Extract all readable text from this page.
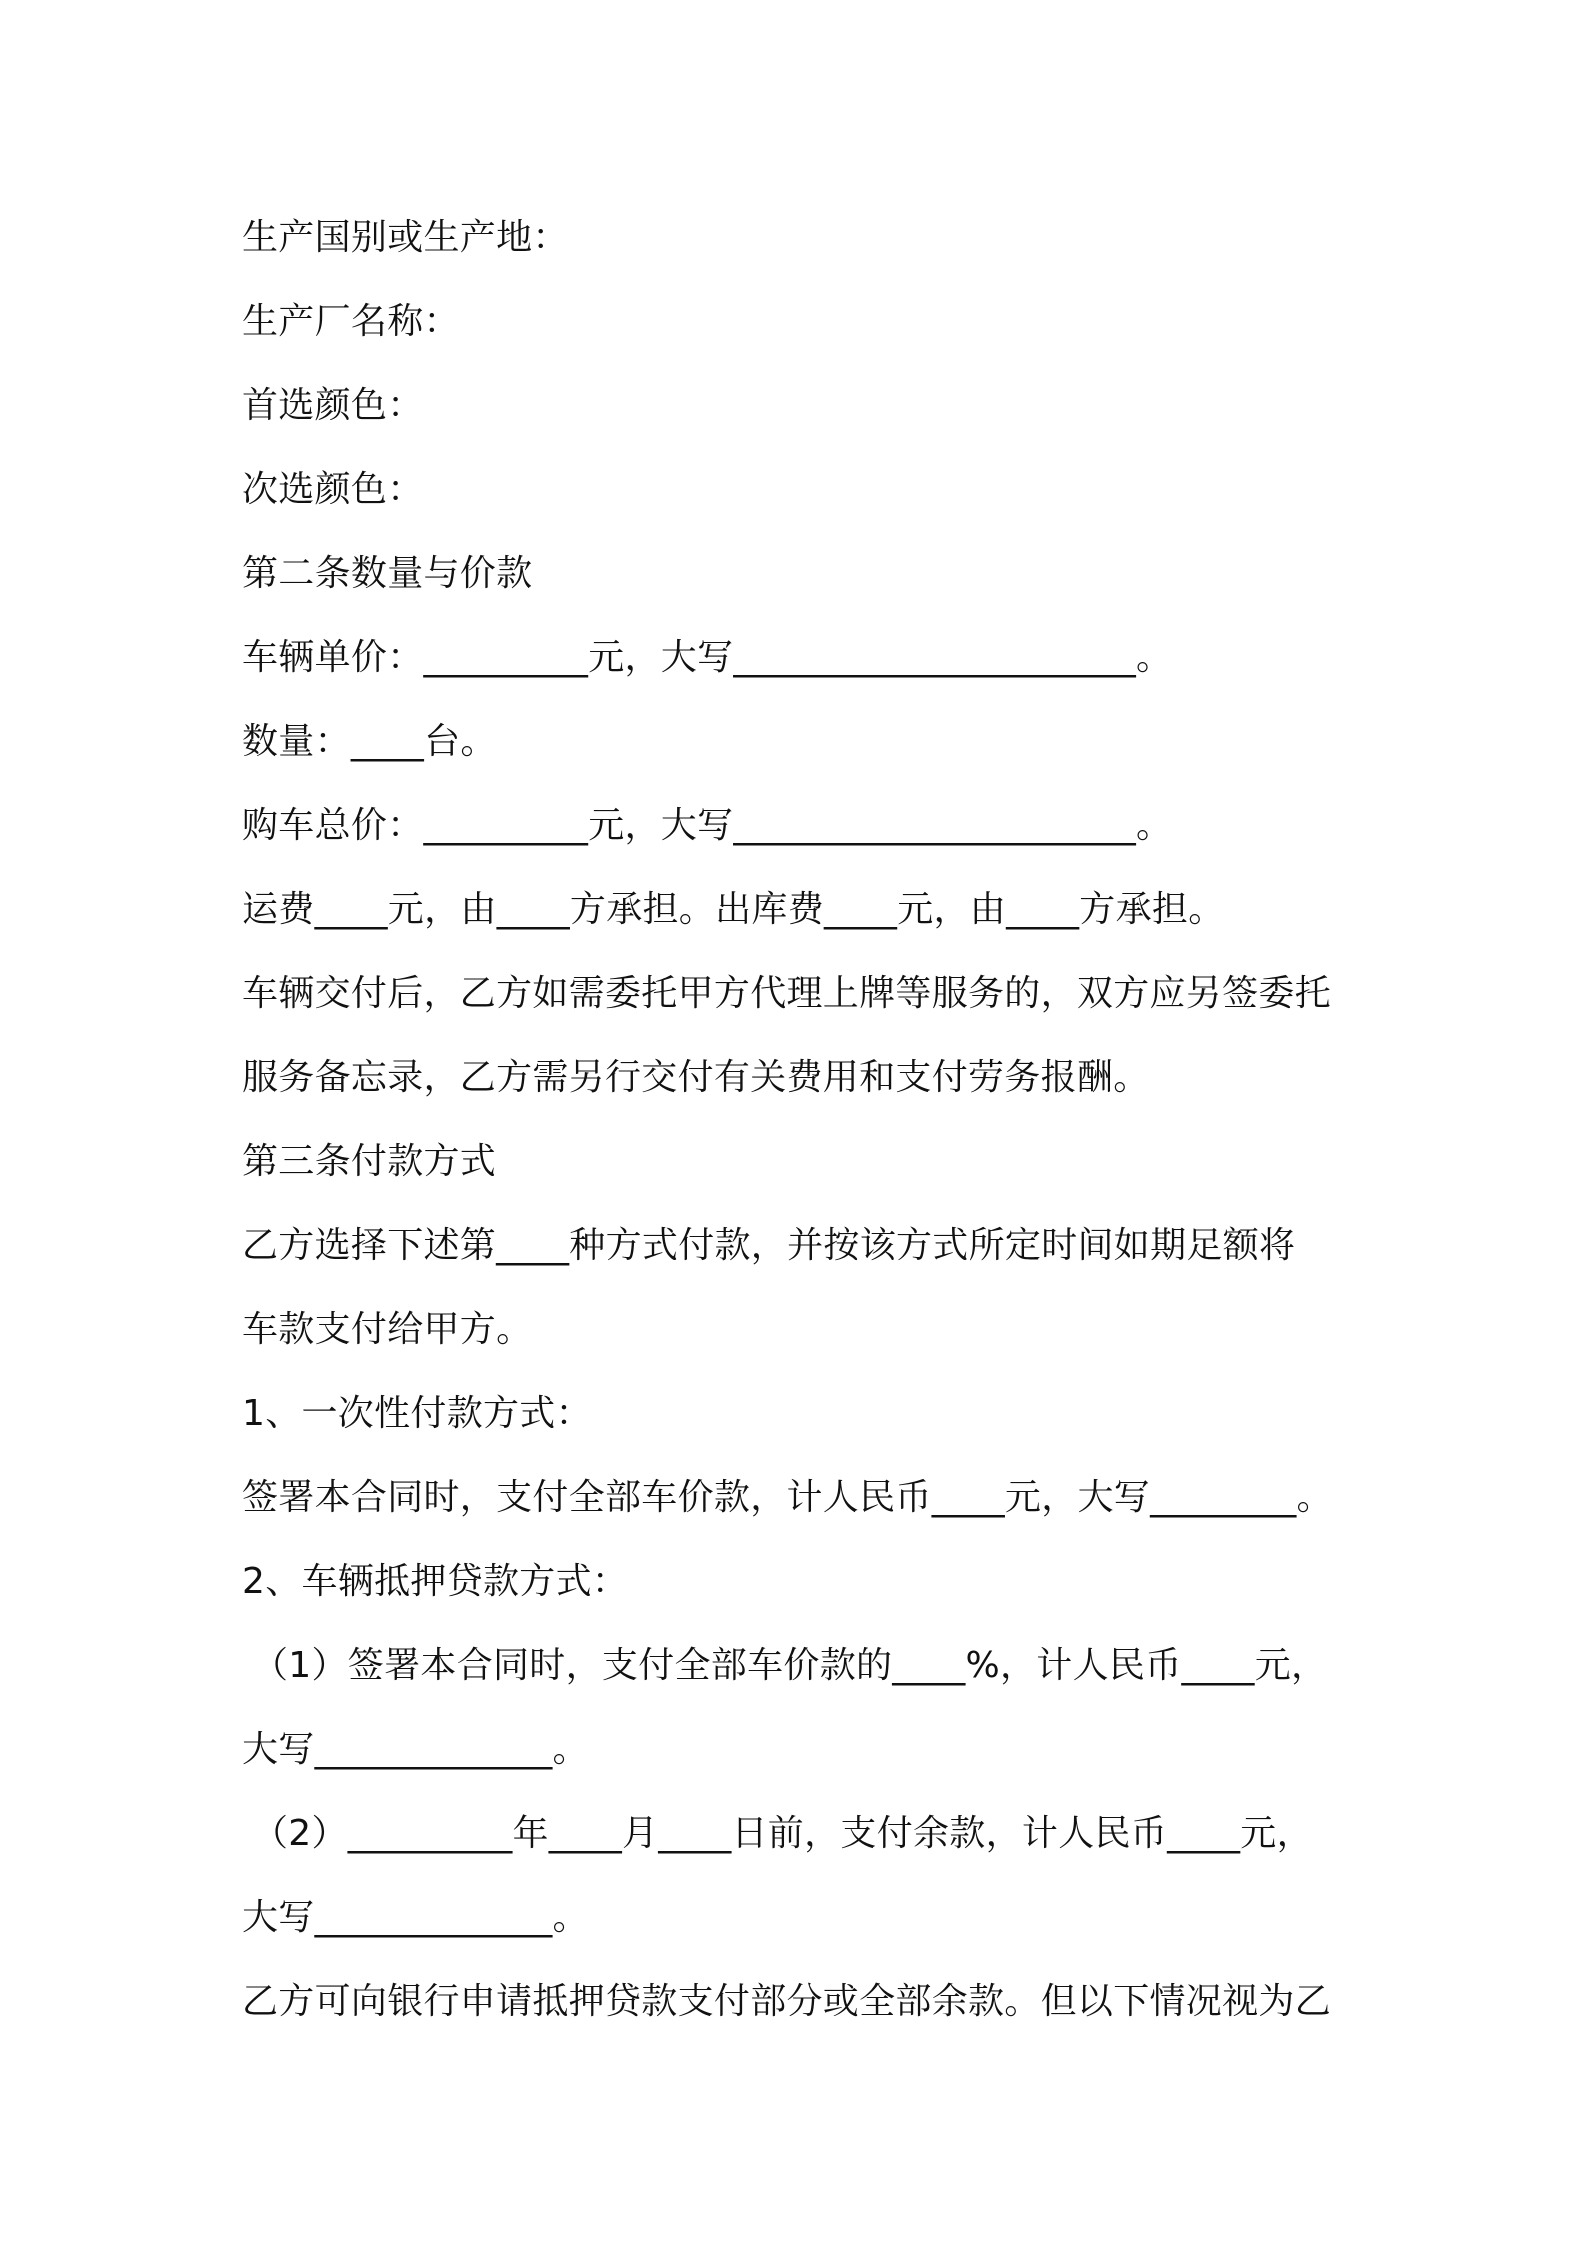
生产国别或生产地：

生产厂名称：

首选颜色：

次选颜色：

第二条数量与价款

车辆单价：_________元，大写______________________。

数量：____台。

购车总价：_________元，大写______________________。

运费____元，由____方承担。出库费____元，由____方承担。

车辆交付后，乙方如需委托甲方代理上牌等服务的，双方应另签委托

服务备忘录，乙方需另行交付有关费用和支付劳务报酬。

第三条付款方式

乙方选择下述第____种方式付款，并按该方式所定时间如期足额将

车款支付给甲方。

1、一次性付款方式：

签署本合同时，支付全部车价款，计人民币____元，大写________。

2、车辆抵押贷款方式：

（1）签署本合同时，支付全部车价款的____%，计人民币____元，

大写_____________。

（2）_________年____月____日前，支付余款，计人民币____元，

大写_____________。

乙方可向银行申请抵押贷款支付部分或全部余款。但以下情况视为乙
